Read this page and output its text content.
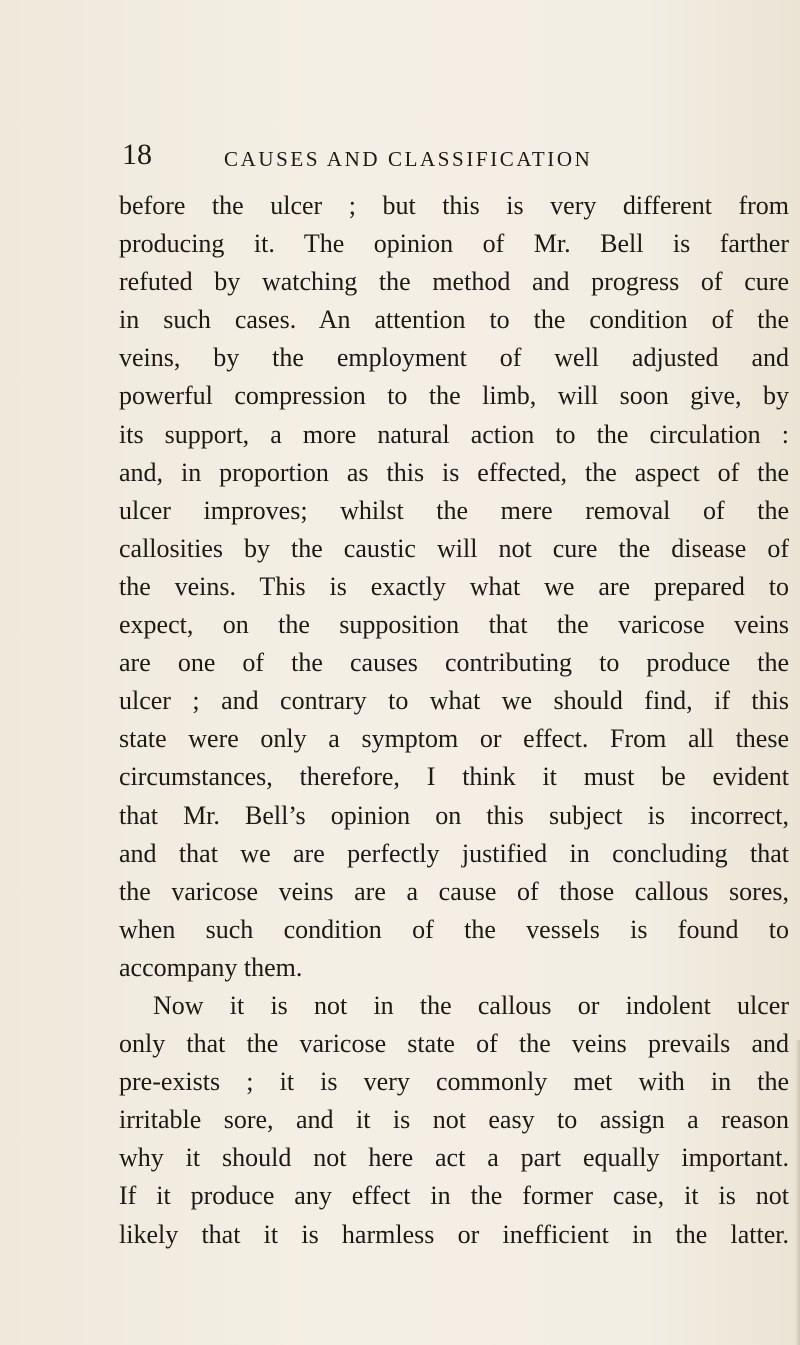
18	CAUSES AND CLASSIFICATION
before the ulcer ; but this is very different from
producing it. The opinion of Mr. Bell is farther
refuted by watching the method and progress of cure
in such cases. An attention to the condition of the
veins, by the employment of well adjusted and
powerful compression to the limb, will soon give, by
its support, a more natural action to the circulation :
and, in proportion as this is effected, the aspect of the
ulcer improves; whilst the mere removal of the
callosities by the caustic will not cure the disease of
the veins. This is exactly what we are prepared to
expect, on the supposition that the varicose veins
are one of the causes contributing to produce the
ulcer ; and contrary to what we should find, if this
state were only a symptom or effect. From all these
circumstances, therefore, I think it must be evident
that Mr. Bell’s opinion on this subject is incorrect,
and that we are perfectly justified in concluding that
the varicose veins are a cause of those callous sores,
when such condition of the vessels is found to
accompany them.
Now it is not in the callous or indolent ulcer
only that the varicose state of the veins prevails and
pre-exists ; it is very commonly met with in the
irritable sore, and it is not easy to assign a reason
why it should not here act a part equally important.
If it produce any effect in the former case, it is not
likely that it is harmless or inefficient in the latter.
